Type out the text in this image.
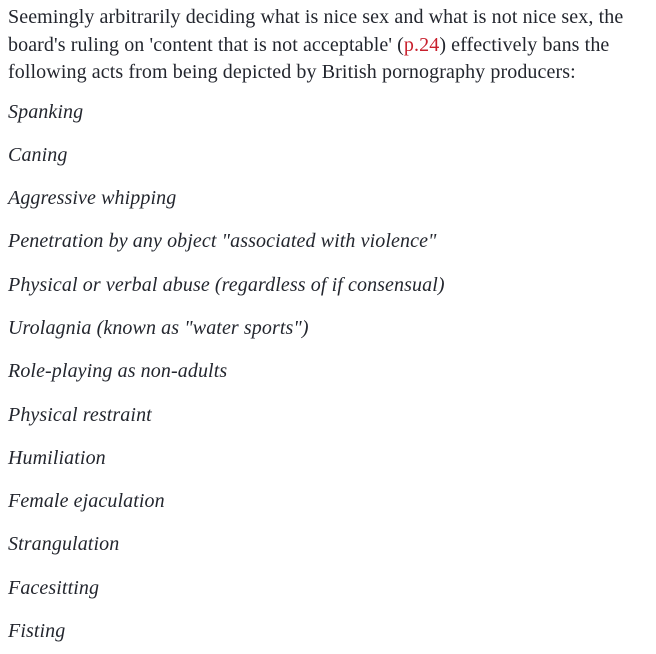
Seemingly arbitrarily deciding what is nice sex and what is not nice sex, the board's ruling on 'content that is not acceptable' (p.24) effectively bans the following acts from being depicted by British pornography producers:

Spanking

Caning

Aggressive whipping

Penetration by any object "associated with violence"

Physical or verbal abuse (regardless of if consensual)

Urolagnia (known as "water sports")

Role-playing as non-adults

Physical restraint

Humiliation

Female ejaculation

Strangulation

Facesitting

Fisting
